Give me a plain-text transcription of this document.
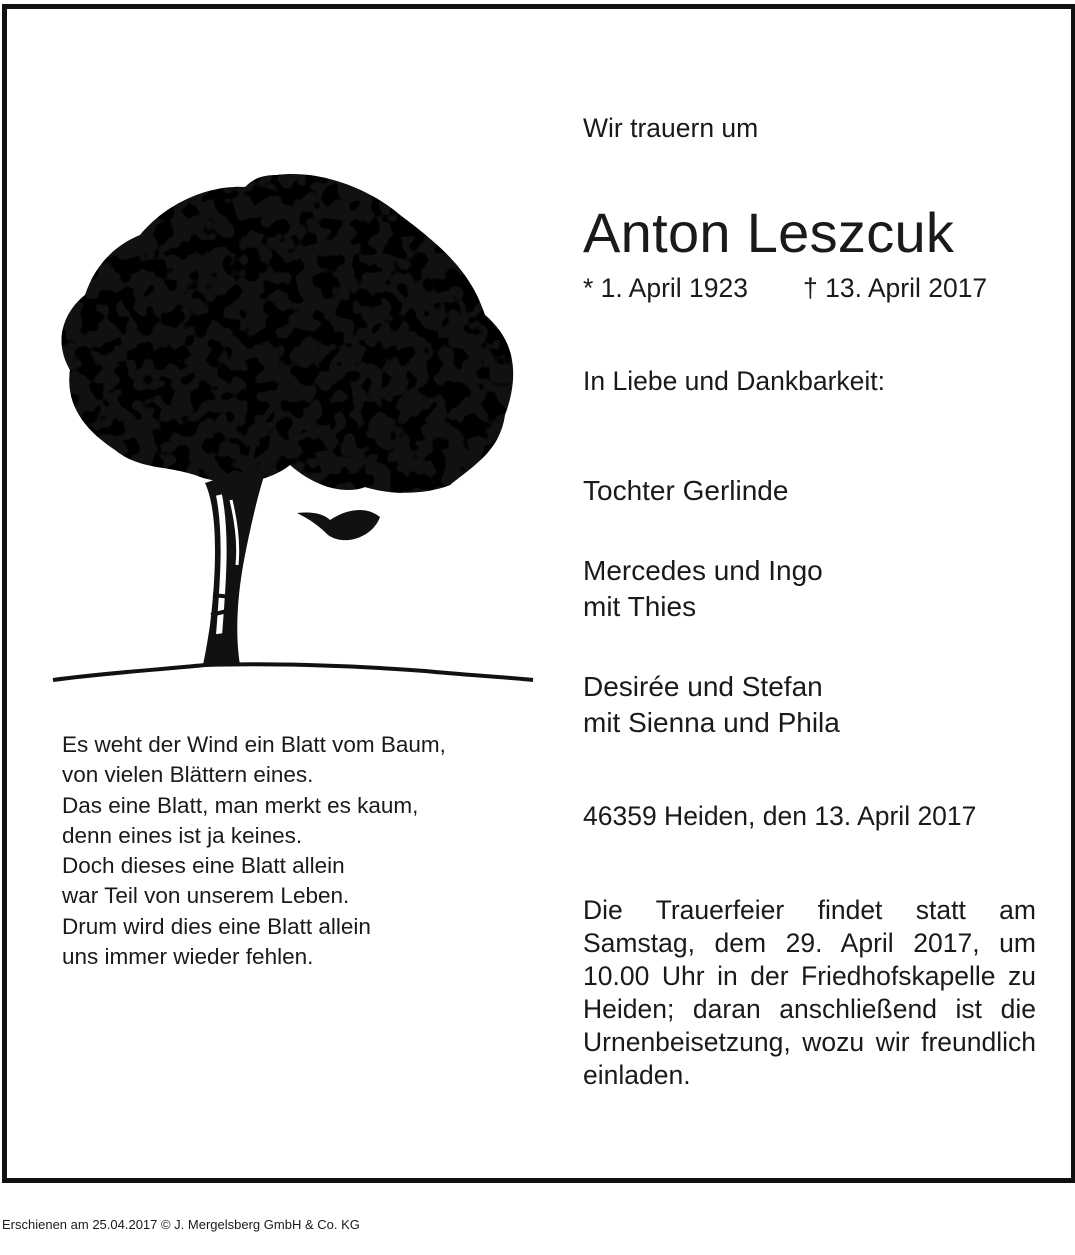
Wir trauern um
Anton Leszcuk
* 1. April 1923 † 13. April 2017
In Liebe und Dankbarkeit:
Tochter Gerlinde
Mercedes und Ingo
mit Thies
Desirée und Stefan
mit Sienna und Phila
46359 Heiden, den 13. April 2017
Die Trauerfeier findet statt am Samstag, dem 29. April 2017, um 10.00 Uhr in der Friedhofskapelle zu Heiden; daran anschließend ist die Urnenbeisetzung, wozu wir freundlich einladen.
Es weht der Wind ein Blatt vom Baum,
von vielen Blättern eines.
Das eine Blatt, man merkt es kaum,
denn eines ist ja keines.
Doch dieses eine Blatt allein
war Teil von unserem Leben.
Drum wird dies eine Blatt allein
uns immer wieder fehlen.
Erschienen am 25.04.2017 © J. Mergelsberg GmbH & Co. KG
